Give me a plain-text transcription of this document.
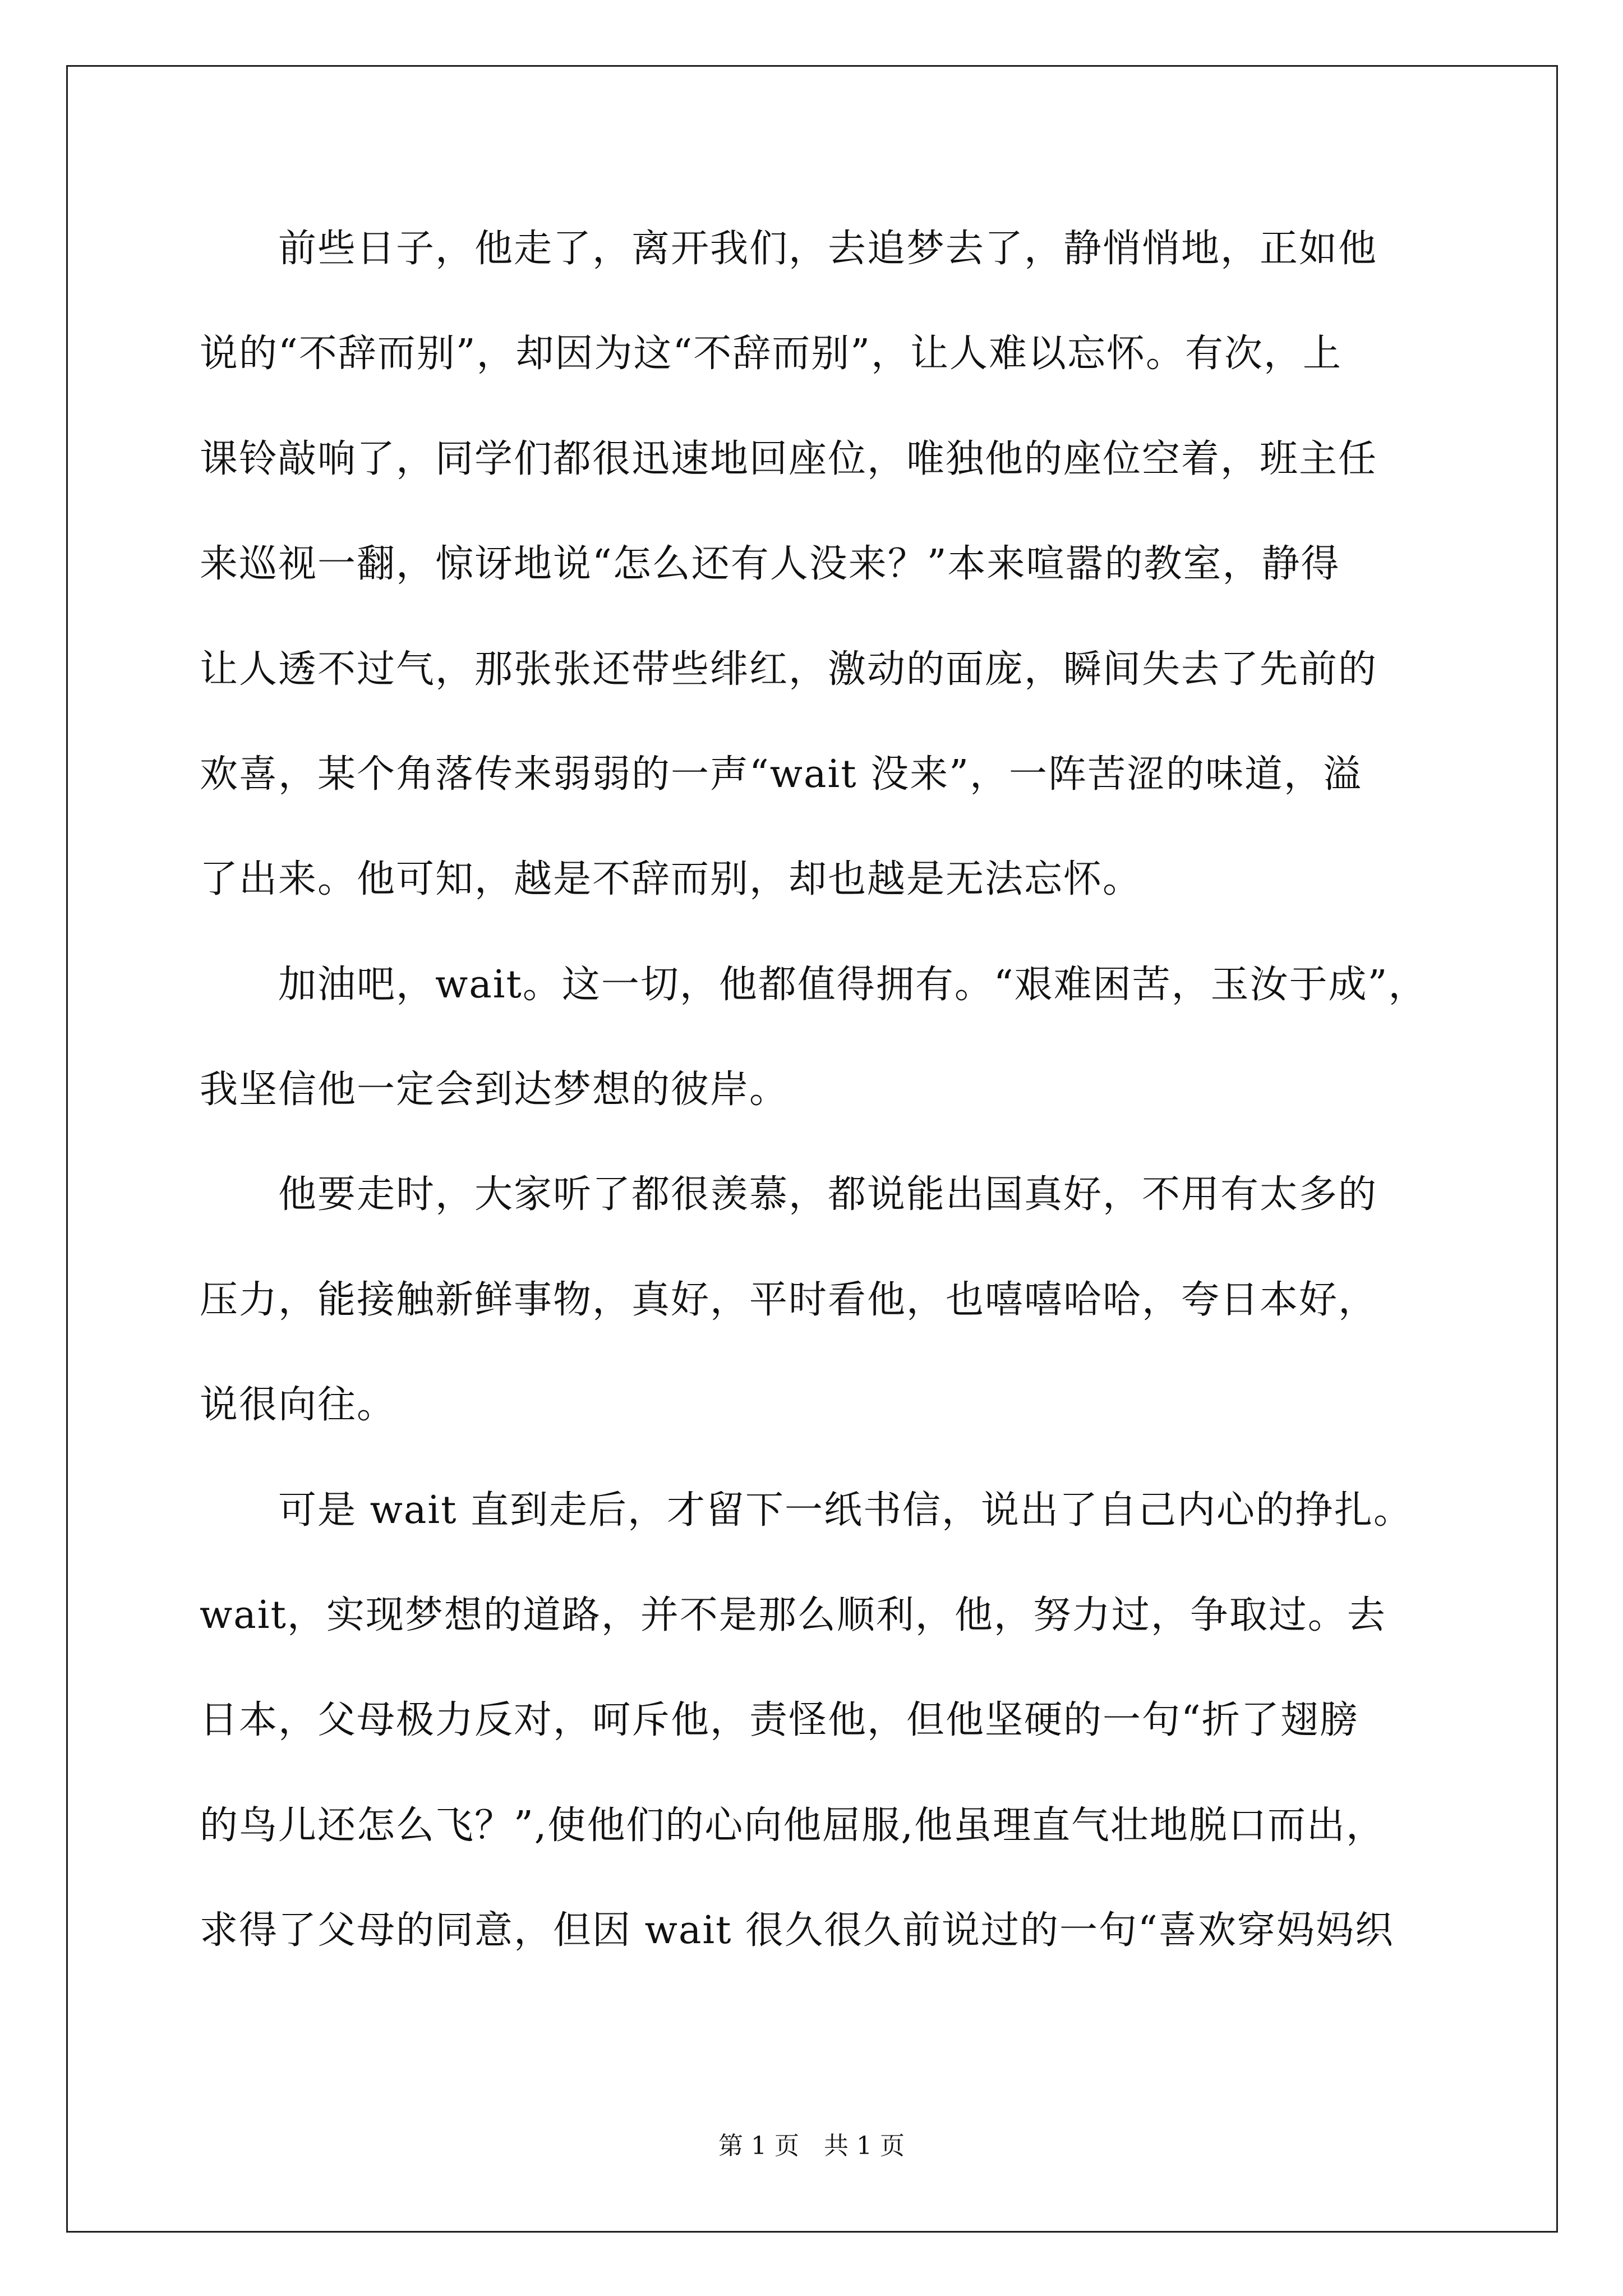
　　前些日子，他走了，离开我们，去追梦去了，静悄悄地，正如他
说的“不辞而别”，却因为这“不辞而别”，让人难以忘怀。有次，上
课铃敲响了，同学们都很迅速地回座位，唯独他的座位空着，班主任
来巡视一翻，惊讶地说“怎么还有人没来？”本来喧嚣的教室，静得
让人透不过气，那张张还带些绯红，激动的面庞，瞬间失去了先前的
欢喜，某个角落传来弱弱的一声“wait 没来”，一阵苦涩的味道，溢
了出来。他可知，越是不辞而别，却也越是无法忘怀。
　　加油吧，wait。这一切，他都值得拥有。“艰难困苦，玉汝于成”，
我坚信他一定会到达梦想的彼岸。
　　他要走时，大家听了都很羡慕，都说能出国真好，不用有太多的
压力，能接触新鲜事物，真好，平时看他，也嘻嘻哈哈，夸日本好，
说很向往。
　　可是 wait 直到走后，才留下一纸书信，说出了自己内心的挣扎。
wait，实现梦想的道路，并不是那么顺利，他，努力过，争取过。去
日本，父母极力反对，呵斥他，责怪他，但他坚硬的一句“折了翅膀
的鸟儿还怎么飞？”,使他们的心向他屈服,他虽理直气壮地脱口而出，
求得了父母的同意，但因 wait 很久很久前说过的一句“喜欢穿妈妈织
第 1 页 共 1 页
